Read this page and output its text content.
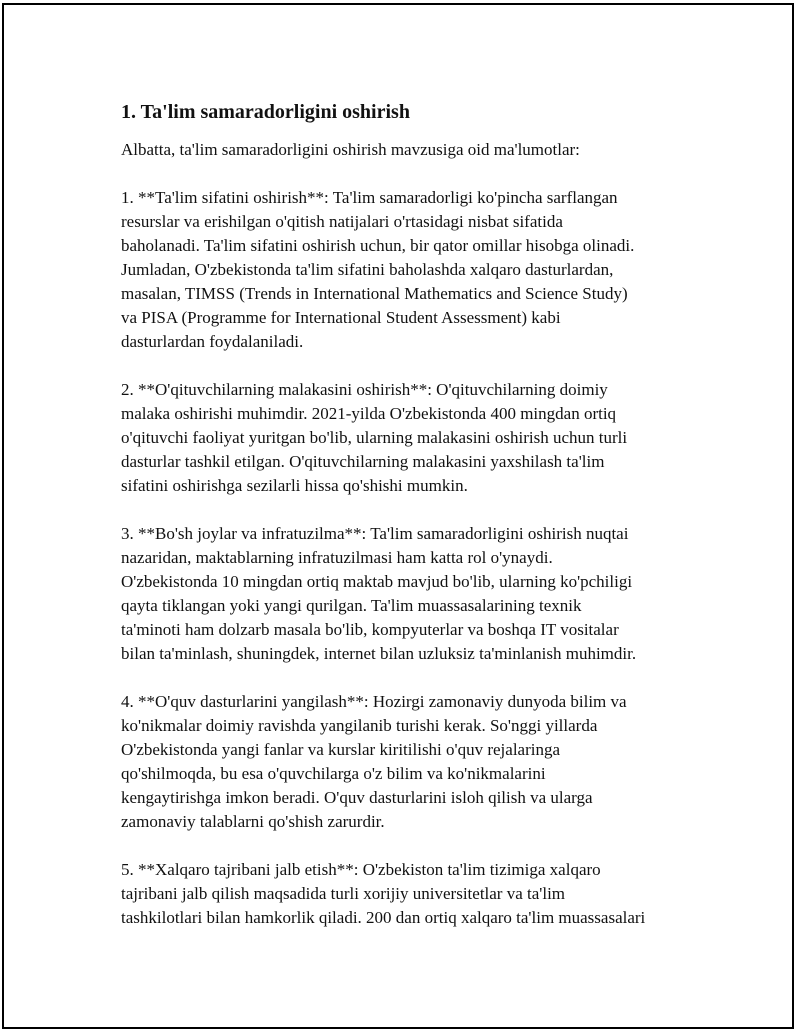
1. Ta'lim samaradorligini oshirish
Albatta, ta'lim samaradorligini oshirish mavzusiga oid ma'lumotlar:
1. **Ta'lim sifatini oshirish**: Ta'lim samaradorligi ko'pincha sarflangan
resurslar va erishilgan o'qitish natijalari o'rtasidagi nisbat sifatida
baholanadi. Ta'lim sifatini oshirish uchun, bir qator omillar hisobga olinadi.
Jumladan, O'zbekistonda ta'lim sifatini baholashda xalqaro dasturlardan,
masalan, TIMSS (Trends in International Mathematics and Science Study)
va PISA (Programme for International Student Assessment) kabi
dasturlardan foydalaniladi.
2. **O'qituvchilarning malakasini oshirish**: O'qituvchilarning doimiy
malaka oshirishi muhimdir. 2021-yilda O'zbekistonda 400 mingdan ortiq
o'qituvchi faoliyat yuritgan bo'lib, ularning malakasini oshirish uchun turli
dasturlar tashkil etilgan. O'qituvchilarning malakasini yaxshilash ta'lim
sifatini oshirishga sezilarli hissa qo'shishi mumkin.
3. **Bo'sh joylar va infratuzilma**: Ta'lim samaradorligini oshirish nuqtai
nazaridan, maktablarning infratuzilmasi ham katta rol o'ynaydi.
O'zbekistonda 10 mingdan ortiq maktab mavjud bo'lib, ularning ko'pchiligi
qayta tiklangan yoki yangi qurilgan. Ta'lim muassasalarining texnik
ta'minoti ham dolzarb masala bo'lib, kompyuterlar va boshqa IT vositalar
bilan ta'minlash, shuningdek, internet bilan uzluksiz ta'minlanish muhimdir.
4. **O'quv dasturlarini yangilash**: Hozirgi zamonaviy dunyoda bilim va
ko'nikmalar doimiy ravishda yangilanib turishi kerak. So'nggi yillarda
O'zbekistonda yangi fanlar va kurslar kiritilishi o'quv rejalaringa
qo'shilmoqda, bu esa o'quvchilarga o'z bilim va ko'nikmalarini
kengaytirishga imkon beradi. O'quv dasturlarini isloh qilish va ularga
zamonaviy talablarni qo'shish zarurdir.
5. **Xalqaro tajribani jalb etish**: O'zbekiston ta'lim tizimiga xalqaro
tajribani jalb qilish maqsadida turli xorijiy universitetlar va ta'lim
tashkilotlari bilan hamkorlik qiladi. 200 dan ortiq xalqaro ta'lim muassasalari
